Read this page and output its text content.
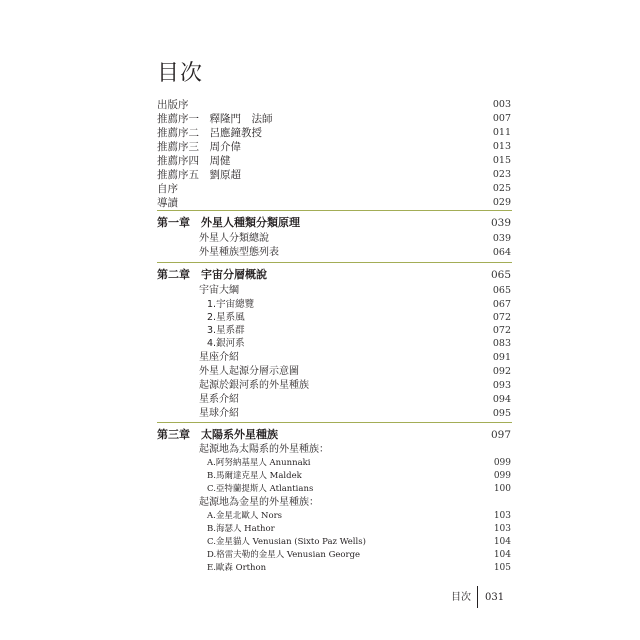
目次
出版序	003
推薦序一　釋隆門　法師	007
推薦序二　呂應鐘教授	011
推薦序三　周介偉	013
推薦序四　周健	015
推薦序五　劉原超	023
自序	025
導讀	029
第一章　外星人種類分類原理	039
外星人分類總說	039
外星種族型態列表	064
第二章　宇宙分層概說	065
宇宙大綱	065
1.宇宙總覽	067
2.星系風	072
3.星系群	072
4.銀河系	083
星座介紹	091
外星人起源分層示意圖	092
起源於銀河系的外星種族	093
星系介紹	094
星球介紹	095
第三章　太陽系外星種族	097
起源地為太陽系的外星種族：
A.阿努納基星人 Anunnaki	099
B.馬爾達克星人 Maldek	099
C.亞特蘭提斯人 Atlantians	100
起源地為金星的外星種族：
A.金星北歐人 Nors	103
B.海瑟人 Hathor	103
C.金星貓人 Venusian (Sixto Paz Wells)	104
D.格雷夫勒的金星人 Venusian George	104
E.歐森 Orthon	105
目次 031
